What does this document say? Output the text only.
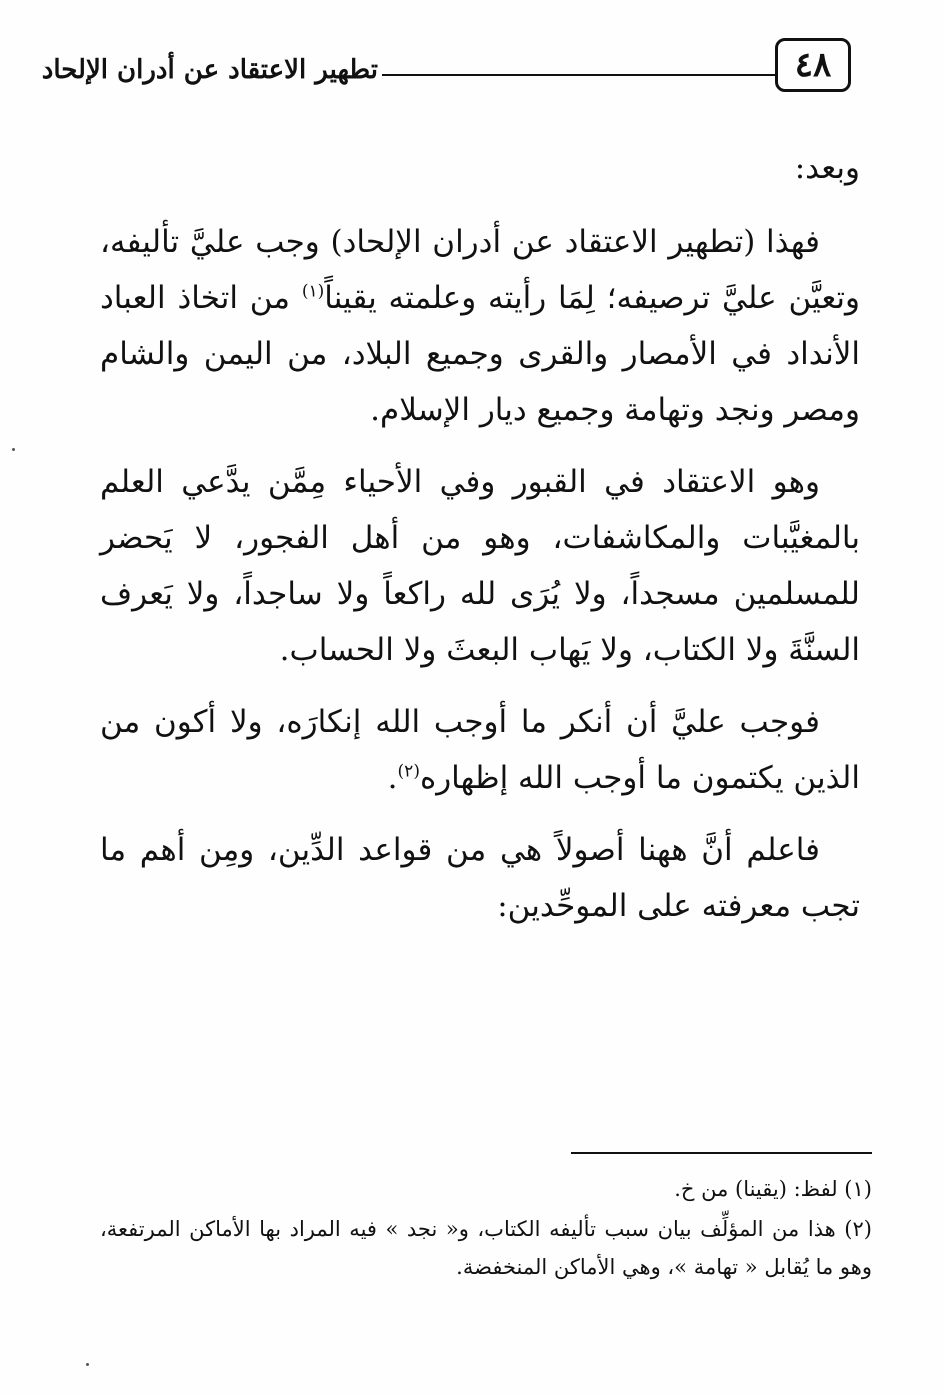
٤٨
تطهير الاعتقاد عن أدران الإلحاد

وبعد:

فهذا (تطهير الاعتقاد عن أدران الإلحاد) وجب عليَّ تأليفه، وتعيَّن عليَّ ترصيفه؛ لِمَا رأيته وعلمته يقيناً$^{(١)}$ من اتخاذ العباد الأنداد في الأمصار والقرى وجميع البلاد، من اليمن والشام ومصر ونجد وتهامة وجميع ديار الإسلام.

وهو الاعتقاد في القبور وفي الأحياء مِمَّن يدَّعي العلم بالمغيَّبات والمكاشفات، وهو من أهل الفجور، لا يَحضر للمسلمين مسجداً، ولا يُرَى لله راكعاً ولا ساجداً، ولا يَعرف السنَّةَ ولا الكتاب، ولا يَهاب البعثَ ولا الحساب.

فوجب عليَّ أن أنكر ما أوجب الله إنكارَه، ولا أكون من الذين يكتمون ما أوجب الله إظهاره$^{(٢)}$.

فاعلم أنَّ ههنا أصولاً هي من قواعد الدِّين، ومِن أهم ما تجب معرفته على الموحِّدين:

(١) لفظ: (يقينا) من خ.

(٢) هذا من المؤلِّف بيان سبب تأليفه الكتاب، و« نجد » فيه المراد بها الأماكن المرتفعة، وهو ما يُقابل « تهامة »، وهي الأماكن المنخفضة.
